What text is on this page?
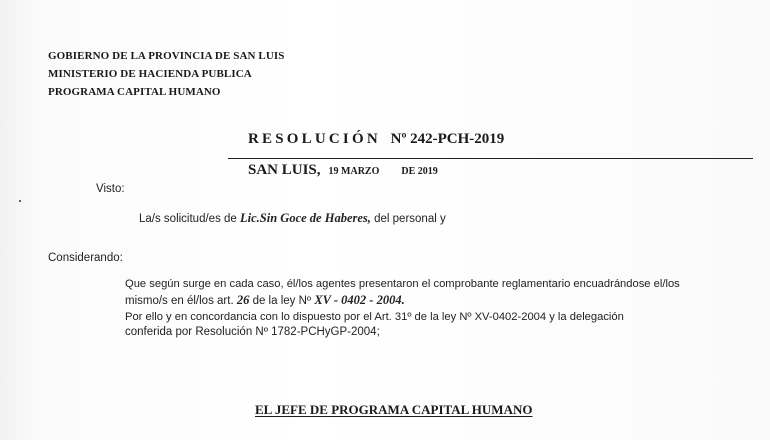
GOBIERNO DE LA PROVINCIA DE SAN LUIS
MINISTERIO DE HACIENDA PUBLICA
PROGRAMA CAPITAL HUMANO
RESOLUCIÓN Nº 242-PCH-2019
SAN LUIS, 19 MARZO DE 2019
Visto:
La/s solicitud/es de Lic.Sin Goce de Haberes, del personal y
Considerando:
Que según surge en cada caso, él/los agentes presentaron el comprobante reglamentario encuadrándose el/los
mismo/s en él/los art. 26 de la ley Nº XV - 0402 - 2004.
Por ello y en concordancia con lo dispuesto por el Art. 31º de la ley Nº XV-0402-2004 y la delegación
conferida por Resolución Nº 1782-PCHyGP-2004;
EL JEFE DE PROGRAMA CAPITAL HUMANO
